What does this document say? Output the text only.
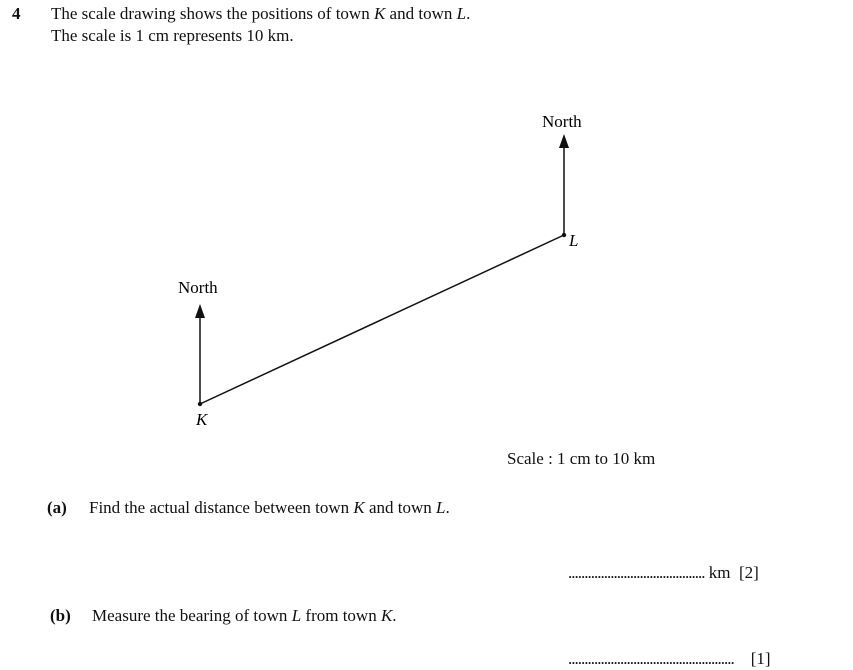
4 The scale drawing shows the positions of town K and town L.
The scale is 1 cm represents 10 km.
North
North
K
L
Scale : 1 cm to 10 km
(a) Find the actual distance between town K and town L.
.......................................... km [2]
(b) Measure the bearing of town L from town K.
................................................... [1]
